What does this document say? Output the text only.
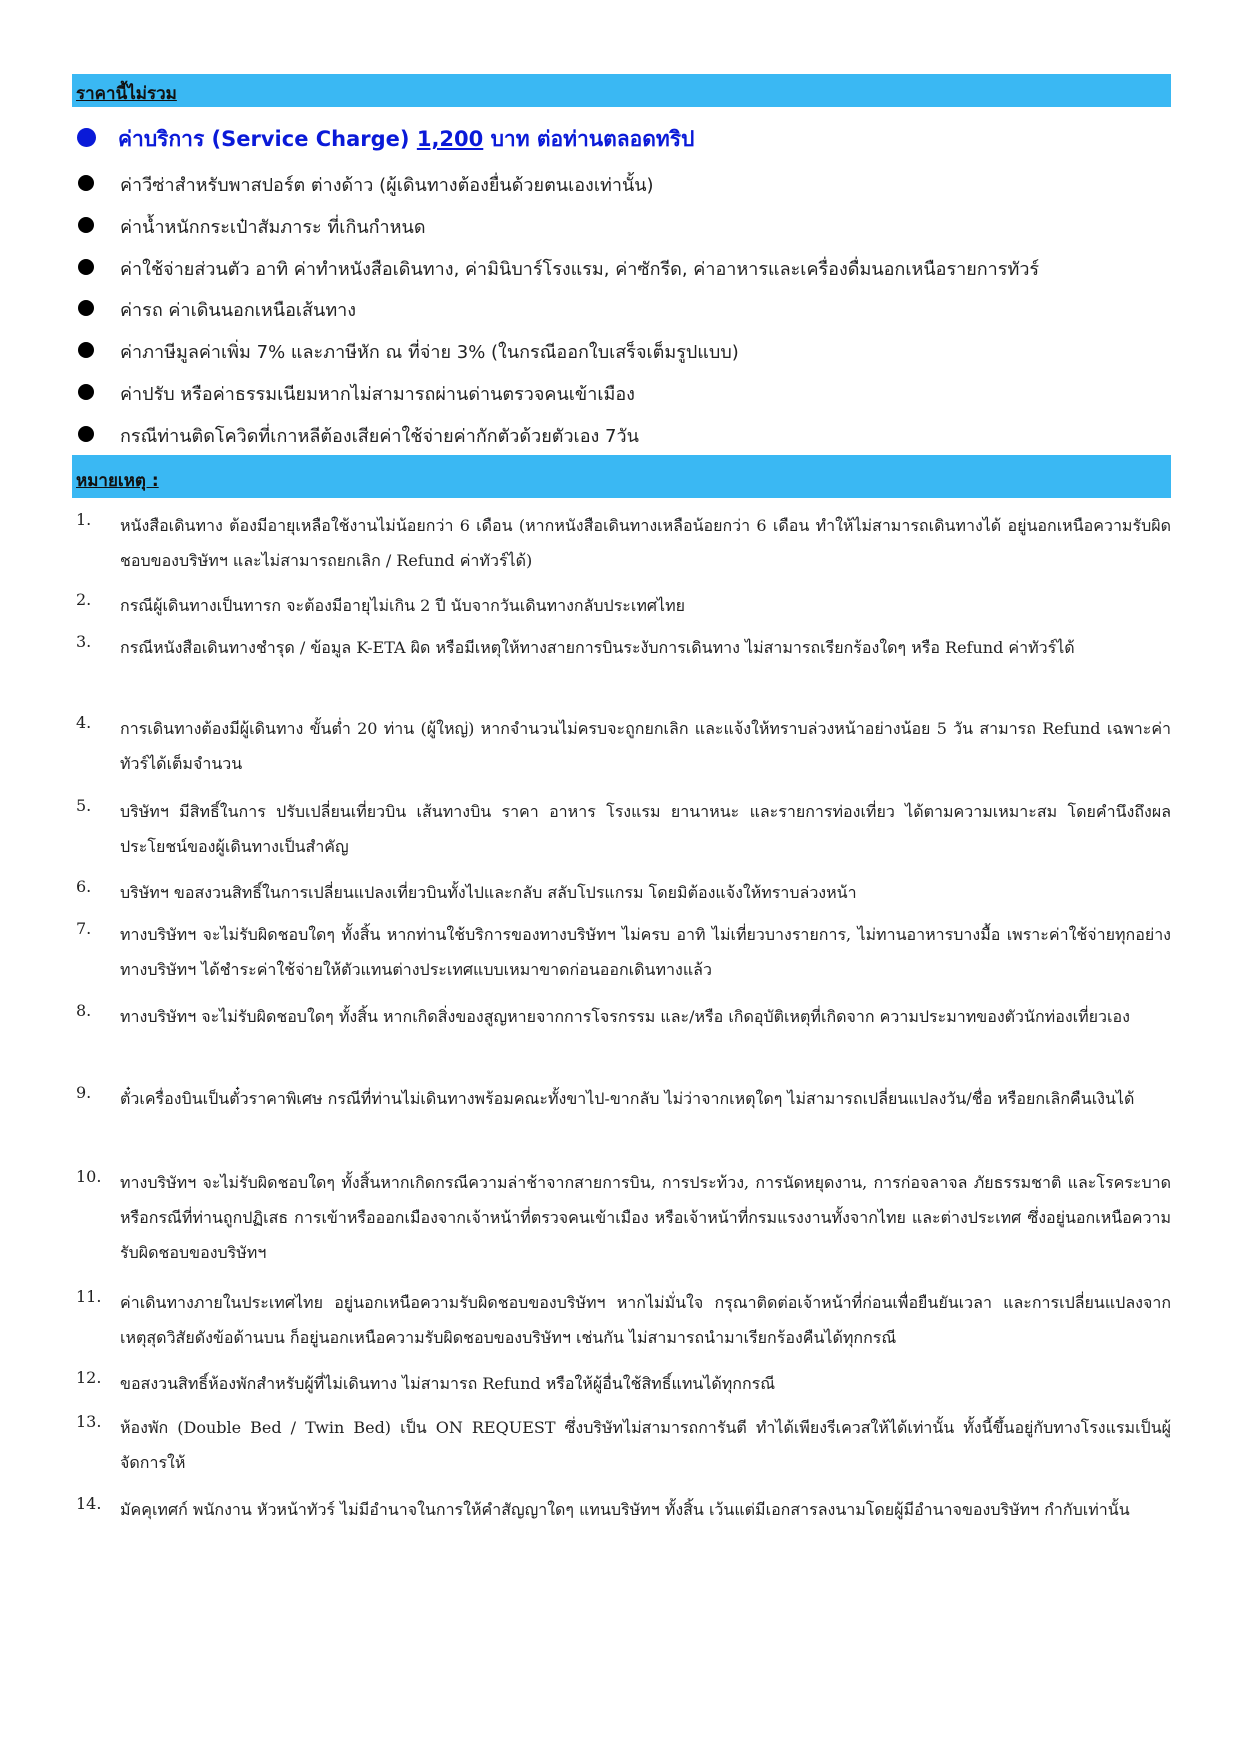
ราคานี้ไม่รวม
ค่าบริการ (Service Charge) 1,200 บาท ต่อท่านตลอดทริป
ค่าวีซ่าสำหรับพาสปอร์ต ต่างด้าว (ผู้เดินทางต้องยื่นด้วยตนเองเท่านั้น)
ค่าน้ำหนักกระเป๋าสัมภาระ ที่เกินกำหนด
ค่าใช้จ่ายส่วนตัว อาทิ ค่าทำหนังสือเดินทาง, ค่ามินิบาร์โรงแรม, ค่าซักรีด, ค่าอาหารและเครื่องดื่มนอกเหนือรายการทัวร์
ค่ารถ ค่าเดินนอกเหนือเส้นทาง
ค่าภาษีมูลค่าเพิ่ม 7% และภาษีหัก ณ ที่จ่าย 3% (ในกรณีออกใบเสร็จเต็มรูปแบบ)
ค่าปรับ หรือค่าธรรมเนียมหากไม่สามารถผ่านด่านตรวจคนเข้าเมือง
กรณีท่านติดโควิดที่เกาหลีต้องเสียค่าใช้จ่ายค่ากักตัวด้วยตัวเอง 7วัน
หมายเหตุ :
1. หนังสือเดินทาง ต้องมีอายุเหลือใช้งานไม่น้อยกว่า 6 เดือน (หากหนังสือเดินทางเหลือน้อยกว่า 6 เดือน ทำให้ไม่สามารถเดินทางได้ อยู่นอกเหนือความรับผิดชอบของบริษัทฯ และไม่สามารถยกเลิก / Refund ค่าทัวร์ได้)
2. กรณีผู้เดินทางเป็นทารก จะต้องมีอายุไม่เกิน 2 ปี นับจากวันเดินทางกลับประเทศไทย
3. กรณีหนังสือเดินทางชำรุด / ข้อมูล K-ETA ผิด หรือมีเหตุให้ทางสายการบินระงับการเดินทาง ไม่สามารถเรียกร้องใดๆ หรือ Refund ค่าทัวร์ได้
4. การเดินทางต้องมีผู้เดินทาง ขั้นต่ำ 20 ท่าน (ผู้ใหญ่) หากจำนวนไม่ครบจะถูกยกเลิก และแจ้งให้ทราบล่วงหน้าอย่างน้อย 5 วัน สามารถ Refund เฉพาะค่าทัวร์ได้เต็มจำนวน
5. บริษัทฯ มีสิทธิ์ในการ ปรับเปลี่ยนเที่ยวบิน เส้นทางบิน ราคา อาหาร โรงแรม ยานาหนะ และรายการท่องเที่ยว ได้ตามความเหมาะสม โดยคำนึงถึงผลประโยชน์ของผู้เดินทางเป็นสำคัญ
6. บริษัทฯ ขอสงวนสิทธิ์ในการเปลี่ยนแปลงเที่ยวบินทั้งไปและกลับ สลับโปรแกรม โดยมิต้องแจ้งให้ทราบล่วงหน้า
7. ทางบริษัทฯ จะไม่รับผิดชอบใดๆ ทั้งสิ้น หากท่านใช้บริการของทางบริษัทฯ ไม่ครบ อาทิ ไม่เที่ยวบางรายการ, ไม่ทานอาหารบางมื้อ เพราะค่าใช้จ่ายทุกอย่าง ทางบริษัทฯ ได้ชำระค่าใช้จ่ายให้ตัวแทนต่างประเทศแบบเหมาขาดก่อนออกเดินทางแล้ว
8. ทางบริษัทฯ จะไม่รับผิดชอบใดๆ ทั้งสิ้น หากเกิดสิ่งของสูญหายจากการโจรกรรม และ/หรือ เกิดอุบัติเหตุที่เกิดจาก ความประมาทของตัวนักท่องเที่ยวเอง
9. ตั๋วเครื่องบินเป็นตั๋วราคาพิเศษ กรณีที่ท่านไม่เดินทางพร้อมคณะทั้งขาไป-ขากลับ ไม่ว่าจากเหตุใดๆ ไม่สามารถเปลี่ยนแปลงวัน/ชื่อ หรือยกเลิกคืนเงินได้
10. ทางบริษัทฯ จะไม่รับผิดชอบใดๆ ทั้งสิ้นหากเกิดกรณีความล่าช้าจากสายการบิน, การประท้วง, การนัดหยุดงาน, การก่อจลาจล ภัยธรรมชาติ และโรคระบาด หรือกรณีที่ท่านถูกปฏิเสธ การเข้าหรือออกเมืองจากเจ้าหน้าที่ตรวจคนเข้าเมือง หรือเจ้าหน้าที่กรมแรงงานทั้งจากไทย และต่างประเทศ ซึ่งอยู่นอกเหนือความรับผิดชอบของบริษัทฯ
11. ค่าเดินทางภายในประเทศไทย อยู่นอกเหนือความรับผิดชอบของบริษัทฯ หากไม่มั่นใจ กรุณาติดต่อเจ้าหน้าที่ก่อนเพื่อยืนยันเวลา และการเปลี่ยนแปลงจากเหตุสุดวิสัยดังข้อด้านบน ก็อยู่นอกเหนือความรับผิดชอบของบริษัทฯ เช่นกัน ไม่สามารถนำมาเรียกร้องคืนได้ทุกกรณี
12. ขอสงวนสิทธิ์ห้องพักสำหรับผู้ที่ไม่เดินทาง ไม่สามารถ Refund หรือให้ผู้อื่นใช้สิทธิ์แทนได้ทุกกรณี
13. ห้องพัก (Double Bed / Twin Bed) เป็น ON REQUEST ซึ่งบริษัทไม่สามารถการันตี ทำได้เพียงรีเควสให้ได้เท่านั้น ทั้งนี้ขึ้นอยู่กับทางโรงแรมเป็นผู้จัดการให้
14. มัคคุเทศก์ พนักงาน หัวหน้าทัวร์ ไม่มีอำนาจในการให้คำสัญญาใดๆ แทนบริษัทฯ ทั้งสิ้น เว้นแต่มีเอกสารลงนามโดยผู้มีอำนาจของบริษัทฯ กำกับเท่านั้น
